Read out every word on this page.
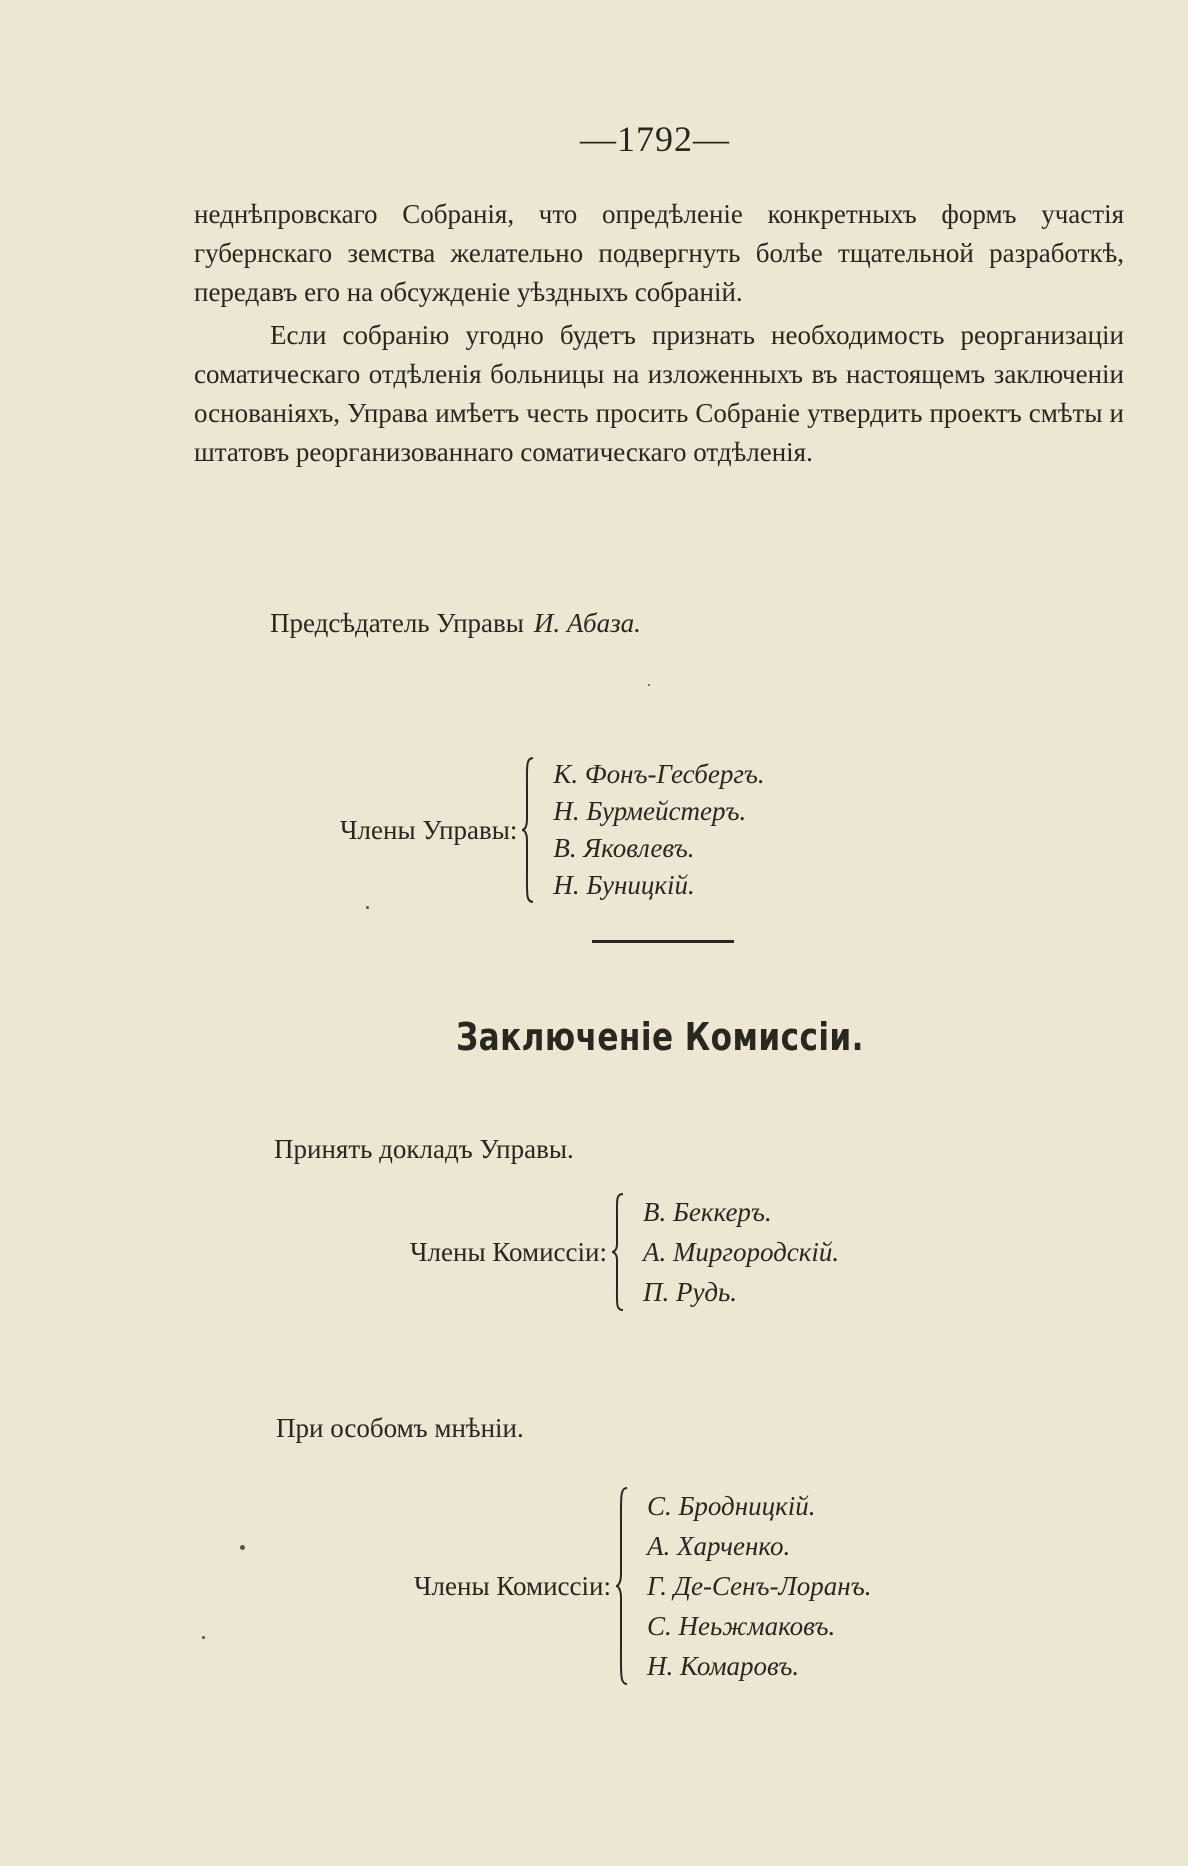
—1792—

неднѣпровскаго Собранія, что опредѣленіе конкретныхъ формъ участія губернскаго земства желательно подвергнуть болѣе тщательной разработкѣ, передавъ его на обсужденіе уѣздныхъ собраній.

Если собранію угодно будетъ признать необходимость реорганизаціи соматическаго отдѣленія больницы на изложенныхъ въ настоящемъ заключеніи основаніяхъ, Управа имѣетъ честь просить Собраніе утвердить проектъ смѣты и штатовъ реорганизованнаго соматическаго отдѣленія.

Предсѣдатель Управы И. Абаза.
Члены Управы:
К. Фонъ-Гесбергъ.
Н. Бурмейстеръ.
В. Яковлевъ.
Н. Буницкій.
Заключеніе Комиссіи.
Принять докладъ Управы.
Члены Комиссіи:
В. Беккеръ.
А. Миргородскій.
П. Рудь.
При особомъ мнѣніи.
Члены Комиссіи:
С. Бродницкій.
А. Харченко.
Г. Де-Сенъ-Лоранъ.
С. Неьжмаковъ.
Н. Комаровъ.
